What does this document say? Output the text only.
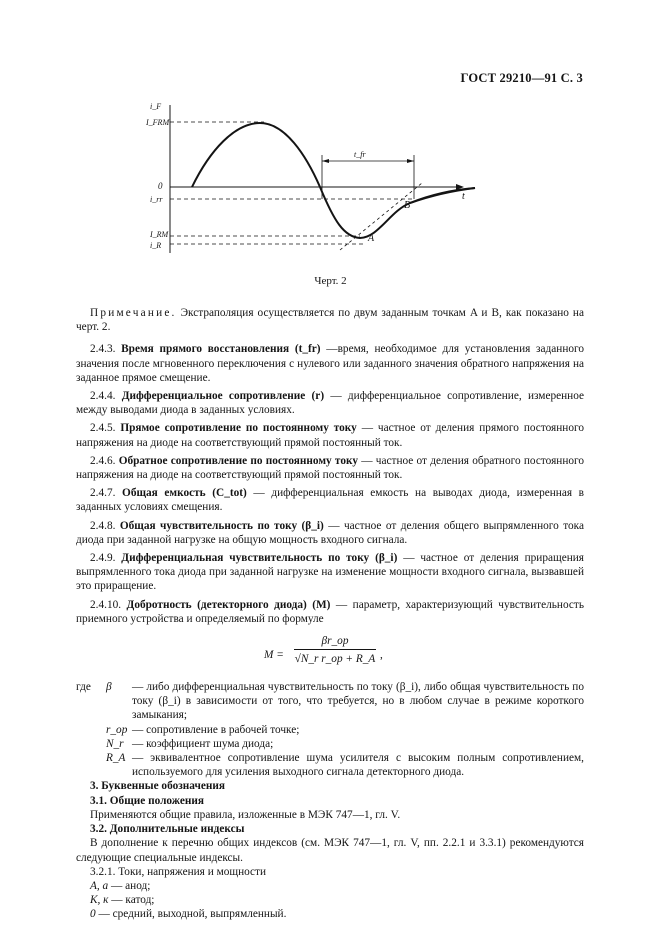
ГОСТ 29210—91 С. 3
i_F
I_FRM
0
i_rr
I_RM
i_R
t
t_fr
A
B
Черт. 2

Примечание. Экстраполяция осуществляется по двум заданным точкам A и B, как показано на черт. 2.

2.4.3. Время прямого восстановления (t_fr) —время, необходимое для установления заданного значения после мгновенного переключения с нулевого или заданного значения обратного напряжения на заданное прямое смещение.

2.4.4. Дифференциальное сопротивление (r) — дифференциальное сопротивление, измеренное между выводами диода в заданных условиях.

2.4.5. Прямое сопротивление по постоянному току — частное от деления прямого постоянного напряжения на диоде на соответствующий прямой постоянный ток.

2.4.6. Обратное сопротивление по постоянному току — частное от деления обратного постоянного напряжения на диоде на соответствующий прямой постоянный ток.

2.4.7. Общая емкость (C_tot) — дифференциальная емкость на выводах диода, измеренная в заданных условиях смещения.

2.4.8. Общая чувствительность по току (β_i) — частное от деления общего выпрямленного тока диода при заданной нагрузке на общую мощность входного сигнала.

2.4.9. Дифференциальная чувствительность по току (β_i) — частное от деления приращения выпрямленного тока диода при заданной нагрузке на изменение мощности входного сигнала, вызвавшей это приращение.

2.4.10. Добротность (детекторного диода) (M) — параметр, характеризующий чувствительность приемного устройства и определяемый по формуле

$M = \frac{\beta r\_op}{\text{√N\_r r\_op + R\_A}}$ ,
где	β	— либо дифференциальная чувствительность по току (β_i), либо общая чувствительность по току (β_i) в зависимости от того, что требуется, но в любом случае в режиме короткого замыкания;
r_op — сопротивление в рабочей точке;
N_r — коэффициент шума диода;
R_A — эквивалентное сопротивление шума усилителя с высоким полным сопротивлением, используемого для усиления выходного сигнала детекторного диода.

3. Буквенные обозначения

3.1. Общие положения

Применяются общие правила, изложенные в МЭК 747—1, гл. V.

3.2. Дополнительные индексы

В дополнение к перечню общих индексов (см. МЭК 747—1, гл. V, пп. 2.2.1 и 3.3.1) рекомендуются следующие специальные индексы.

3.2.1. Токи, напряжения и мощности

A, a — анод;

K, к — катод;

0 — средний, выходной, выпрямленный.
